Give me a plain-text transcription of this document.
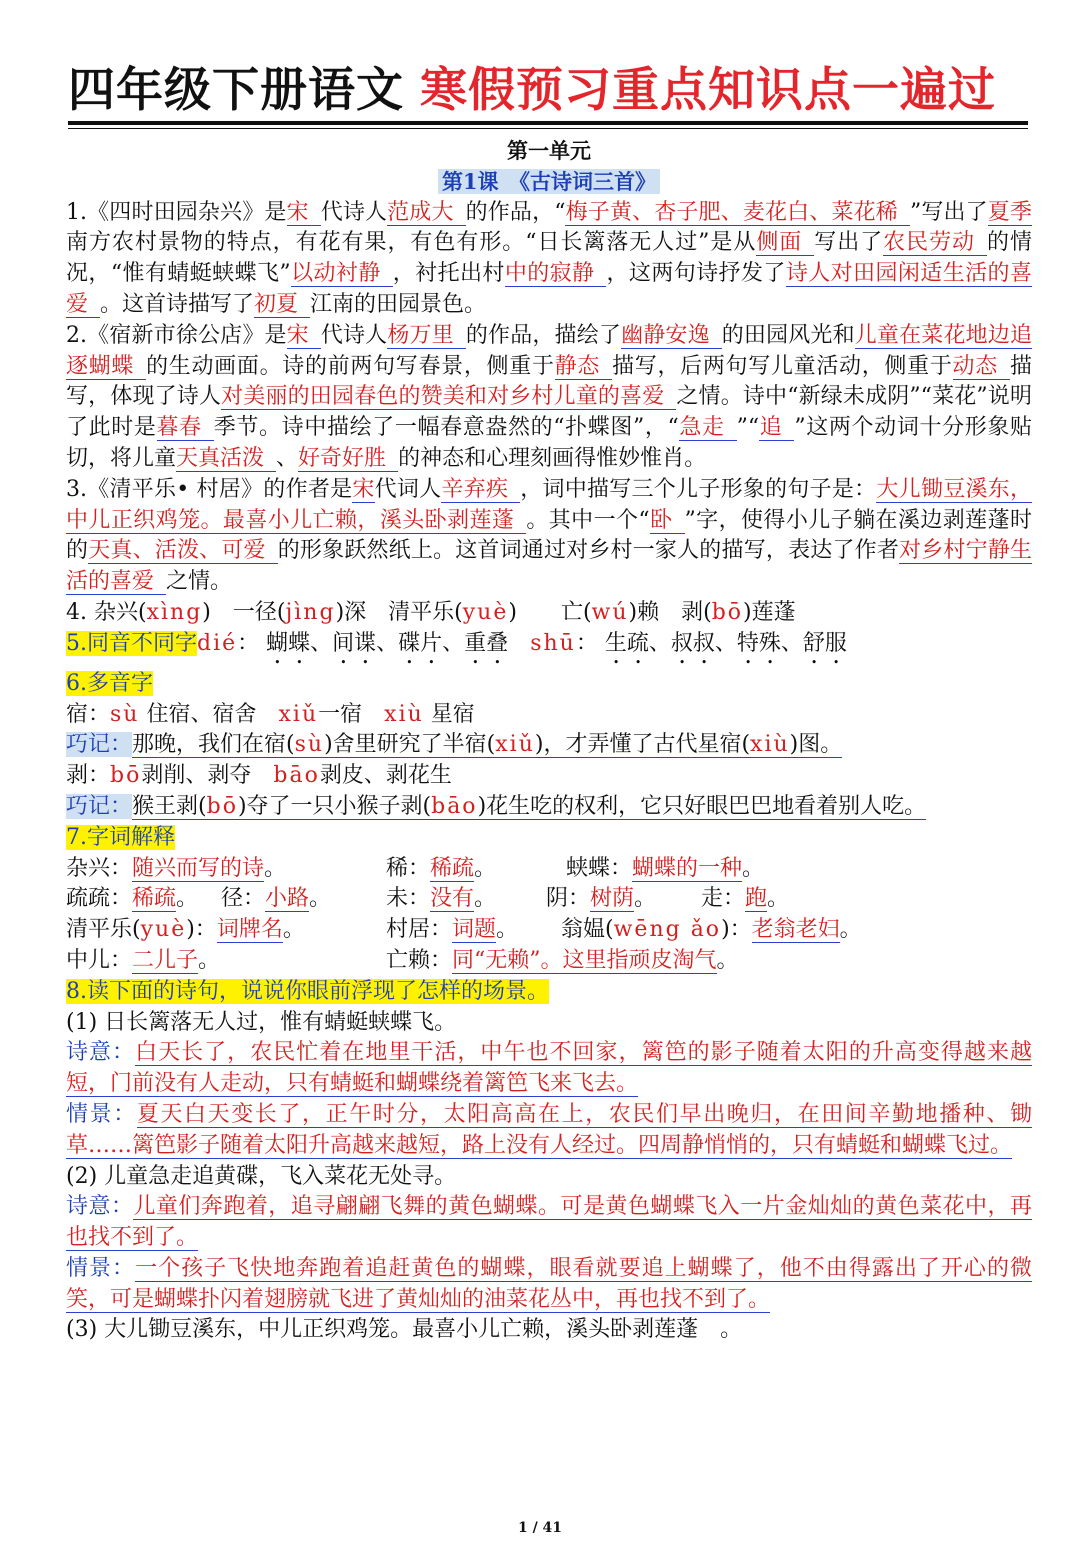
四年级下册语文 寒假预习重点知识点一遍过
第一单元
第1课　《古诗词三首》

1.《四时田园杂兴》是宋 代诗人范成大 的作品，“梅子黄、杏子肥、麦花白、菜花稀 ”写出了夏季南方农村景物的特点，有花有果，有色有形。“日长篱落无人过”是从侧面 写出了农民劳动 的情况，“惟有蜻蜓蛱蝶飞”以动衬静 ，衬托出村中的寂静 ，这两句诗抒发了诗人对田园闲适生活的喜爱 。这首诗描写了初夏 江南的田园景色。

2.《宿新市徐公店》是宋 代诗人杨万里 的作品，描绘了幽静安逸 的田园风光和儿童在菜花地边追逐蝴蝶 的生动画面。诗的前两句写春景，侧重于静态 描写，后两句写儿童活动，侧重于动态 描写，体现了诗人对美丽的田园春色的赞美和对乡村儿童的喜爱 之情。诗中“新绿未成阴”“菜花”说明了此时是暮春 季节。诗中描绘了一幅春意盎然的“扑蝶图”，“急走 ”“追 ”这两个动词十分形象贴切，将儿童天真活泼 、好奇好胜 的神态和心理刻画得惟妙惟肖。

3.《清平乐• 村居》的作者是宋代词人辛弃疾 ，词中描写三个儿子形象的句子是：大儿锄豆溪东，中儿正织鸡笼。最喜小儿亡赖，溪头卧剥莲蓬 。其中一个“卧 ”字，使得小儿子躺在溪边剥莲蓬时的天真、活泼、可爱 的形象跃然纸上。这首词通过对乡村一家人的描写，表达了作者对乡村宁静生活的喜爱 之情。

4. 杂兴(xìng)　一径(jìng)深　清平乐(yuè)　　亡(wú)赖　剥(bō)莲蓬

5.同音不同字dié： 蝴蝶、间谍、碟片、重叠　 shū： 生疏、叔叔、特殊、舒服

6.多音字

宿：sù 住宿、宿舍　 xiǔ一宿　 xiù 星宿

巧记：那晚，我们在宿(sù)舍里研究了半宿(xiǔ)，才弄懂了古代星宿(xiù)图。

剥：bō剥削、剥夺　 bāo剥皮、剥花生

巧记：猴王剥(bō)夺了一只小猴子剥(bāo)花生吃的权利，它只好眼巴巴地看着别人吃。

7.字词解释

杂兴：随兴而写的诗。	稀：稀疏。	蛱蝶：蝴蝶的一种。

疏疏：稀疏。 径：小路。 未：没有。 阴：树荫。 走：跑。

清平乐(yuè)：词牌名。	村居：词题。 翁媪(wēng ǎo)：老翁老妇。

中儿：二儿子。	亡赖：同“无赖”。这里指顽皮淘气。

8.读下面的诗句，说说你眼前浮现了怎样的场景。

(1) 日长篱落无人过，惟有蜻蜓蛱蝶飞。

诗意：白天长了，农民忙着在地里干活，中午也不回家，篱笆的影子随着太阳的升高变得越来越短，门前没有人走动，只有蜻蜓和蝴蝶绕着篱笆飞来飞去。

情景：夏天白天变长了，正午时分，太阳高高在上，农民们早出晚归，在田间辛勤地播种、锄草……篱笆影子随着太阳升高越来越短，路上没有人经过。四周静悄悄的，只有蜻蜓和蝴蝶飞过。

(2) 儿童急走追黄碟，飞入菜花无处寻。

诗意：儿童们奔跑着，追寻翩翩飞舞的黄色蝴蝶。可是黄色蝴蝶飞入一片金灿灿的黄色菜花中，再也找不到了。

情景：一个孩子飞快地奔跑着追赶黄色的蝴蝶，眼看就要追上蝴蝶了，他不由得露出了开心的微笑，可是蝴蝶扑闪着翅膀就飞进了黄灿灿的油菜花丛中，再也找不到了。

(3) 大儿锄豆溪东，中儿正织鸡笼。最喜小儿亡赖，溪头卧剥莲蓬　。

1 / 41
